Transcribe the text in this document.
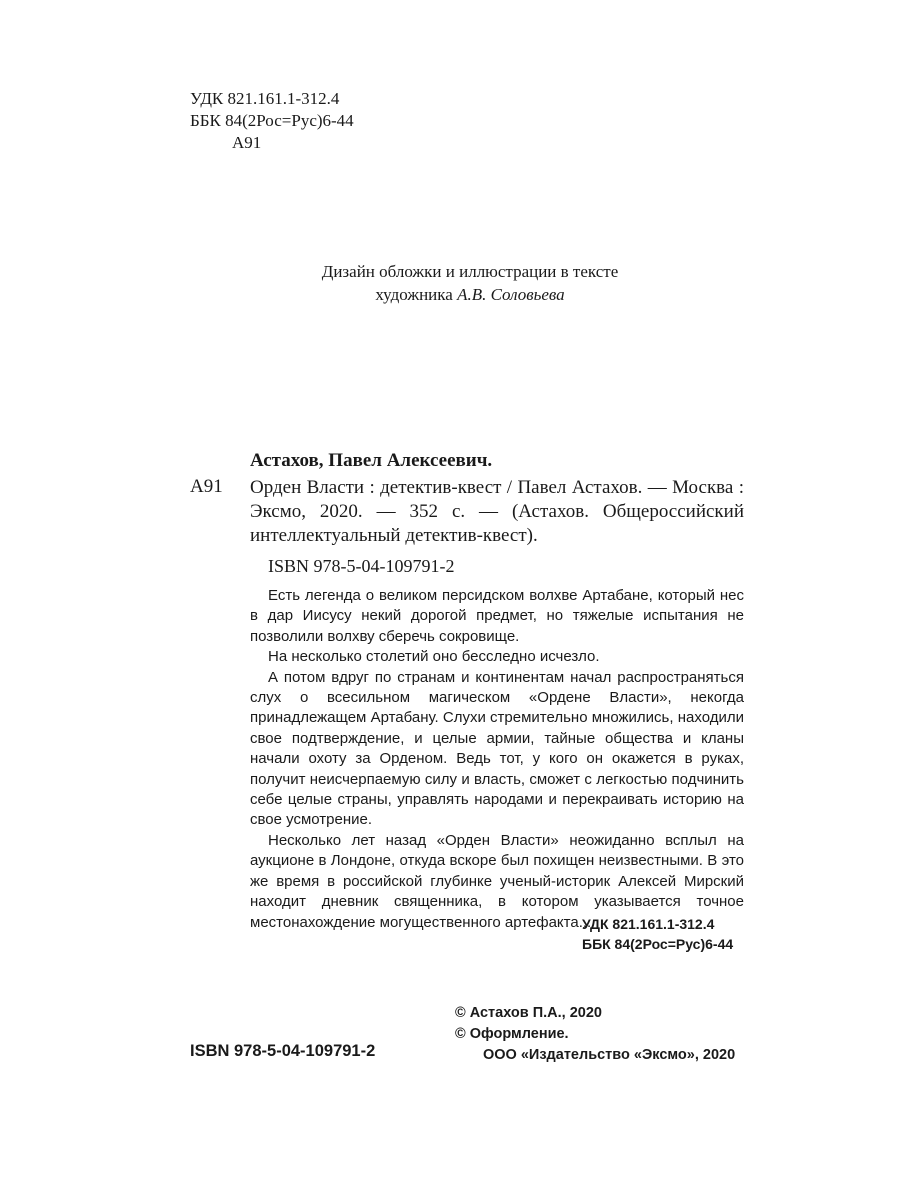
УДК 821.161.1-312.4
ББК 84(2Рос=Рус)6-44
А91
Дизайн обложки и иллюстрации в тексте
художника А.В. Соловьева
Астахов, Павел Алексеевич.
А91 Орден Власти : детектив-квест / Павел Астахов. — Москва : Эксмо, 2020. — 352 с. — (Астахов. Общероссийский интеллектуальный детектив-квест).
ISBN 978-5-04-109791-2

Есть легенда о великом персидском волхве Артабане, который нес в дар Иисусу некий дорогой предмет, но тяжелые испытания не позволили волхву сберечь сокровище.

На несколько столетий оно бесследно исчезло.

А потом вдруг по странам и континентам начал распространяться слух о всесильном магическом «Ордене Власти», некогда принадлежащем Артабану. Слухи стремительно множились, находили свое подтверждение, и целые армии, тайные общества и кланы начали охоту за Орденом. Ведь тот, у кого он окажется в руках, получит неисчерпаемую силу и власть, сможет с легкостью подчинить себе целые страны, управлять народами и перекраивать историю на свое усмотрение.

Несколько лет назад «Орден Власти» неожиданно всплыл на аукционе в Лондоне, откуда вскоре был похищен неизвестными. В это же время в российской глубинке ученый-историк Алексей Мирский находит дневник священника, в котором указывается точное местонахождение могущественного артефакта...

УДК 821.161.1-312.4
ББК 84(2Рос=Рус)6-44
© Астахов П.А., 2020
© Оформление.
ООО «Издательство «Эксмо», 2020
ISBN 978-5-04-109791-2
